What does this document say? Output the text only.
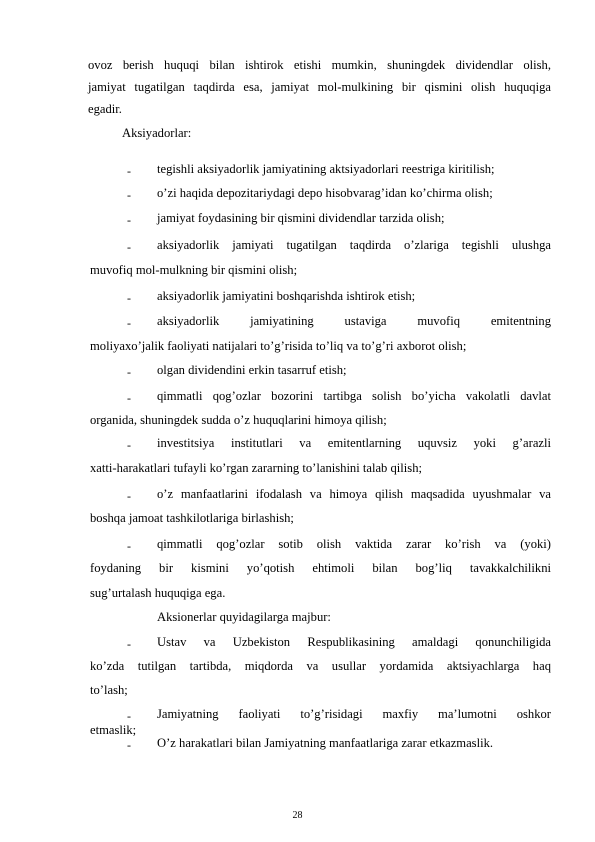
ovoz berish huquqi bilan ishtirok etishi mumkin, shuningdek dividendlar olish,
jamiyat tugatilgan taqdirda esa, jamiyat mol-mulkining bir qismini olish huquqiga
egadir.
Aksiyadorlar:
- tegishli aksiyadorlik jamiyatining aktsiyadorlari reestriga kiritilish;
- o’zi haqida depozitariydagi depo hisobvarag’idan ko’chirma olish;
- jamiyat foydasining bir qismini dividendlar tarzida olish;
- aksiyadorlik jamiyati tugatilgan taqdirda o’zlariga tegishli ulushga
muvofiq mol-mulkning bir qismini olish;
- aksiyadorlik jamiyatini boshqarishda ishtirok etish;
- aksiyadorlik jamiyatining ustaviga muvofiq emitentning
moliyaxo’jalik faoliyati natijalari to’g’risida to’liq va to’g’ri axborot olish;
- olgan dividendini erkin tasarruf etish;
- qimmatli qog’ozlar bozorini tartibga solish bo’yicha vakolatli davlat
organida, shuningdek sudda o’z huquqlarini himoya qilish;
- investitsiya institutlari va emitentlarning uquvsiz yoki g’arazli
xatti-harakatlari tufayli ko’rgan zararning to’lanishini talab qilish;
- o’z manfaatlarini ifodalash va himoya qilish maqsadida uyushmalar va
boshqa jamoat tashkilotlariga birlashish;
- qimmatli qog’ozlar sotib olish vaktida zarar ko’rish va (yoki)
foydaning bir kismini yo’qotish ehtimoli bilan bog’liq tavakkalchilikni
sug’urtalash huquqiga ega.
Aksionerlar quyidagilarga majbur:
- Ustav va Uzbekiston Respublikasining amaldagi qonunchiligida
ko’zda tutilgan tartibda, miqdorda va usullar yordamida aktsiyachlarga haq
to’lash;
- Jamiyatning faoliyati to’g’risidagi maxfiy ma’lumotni oshkor
etmaslik;
- O’z harakatlari bilan Jamiyatning manfaatlariga zarar etkazmaslik.
28
